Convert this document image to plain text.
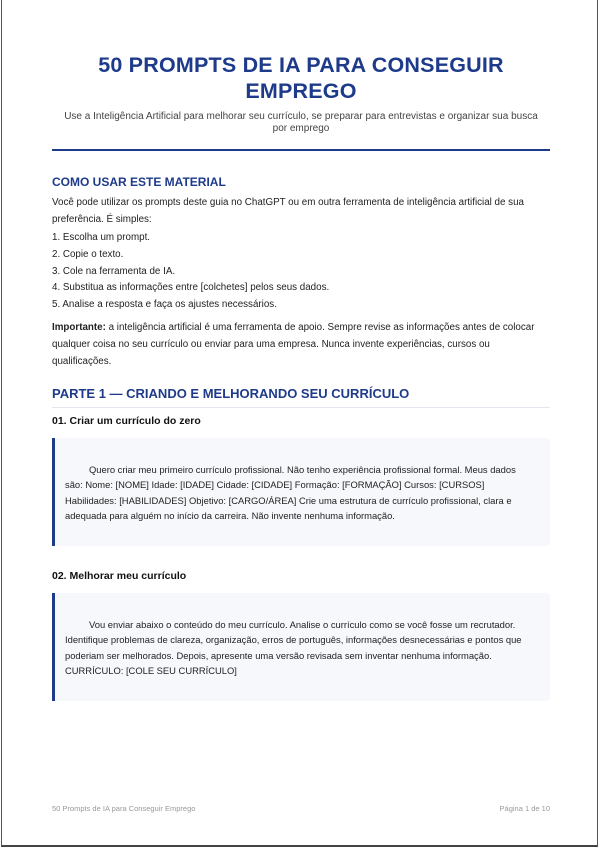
50 PROMPTS DE IA PARA CONSEGUIR EMPREGO
Use a Inteligência Artificial para melhorar seu currículo, se preparar para entrevistas e organizar sua busca por emprego
COMO USAR ESTE MATERIAL

Você pode utilizar os prompts deste guia no ChatGPT ou em outra ferramenta de inteligência artificial de sua preferência. É simples:

1. Escolha um prompt.
2. Copie o texto.
3. Cole na ferramenta de IA.
4. Substitua as informações entre [colchetes] pelos seus dados.
5. Analise a resposta e faça os ajustes necessários.

Importante: a inteligência artificial é uma ferramenta de apoio. Sempre revise as informações antes de colocar qualquer coisa no seu currículo ou enviar para uma empresa. Nunca invente experiências, cursos ou qualificações.

PARTE 1 — CRIANDO E MELHORANDO SEU CURRÍCULO
01. Criar um currículo do zero

Quero criar meu primeiro currículo profissional. Não tenho experiência profissional formal. Meus dados são: Nome: [NOME] Idade: [IDADE] Cidade: [CIDADE] Formação: [FORMAÇÃO] Cursos: [CURSOS] Habilidades: [HABILIDADES] Objetivo: [CARGO/ÁREA] Crie uma estrutura de currículo profissional, clara e adequada para alguém no início da carreira. Não invente nenhuma informação.

02. Melhorar meu currículo

Vou enviar abaixo o conteúdo do meu currículo. Analise o currículo como se você fosse um recrutador. Identifique problemas de clareza, organização, erros de português, informações desnecessárias e pontos que poderiam ser melhorados. Depois, apresente uma versão revisada sem inventar nenhuma informação. CURRÍCULO: [COLE SEU CURRÍCULO]

50 Prompts de IA para Conseguir Emprego	Página 1 de 10
